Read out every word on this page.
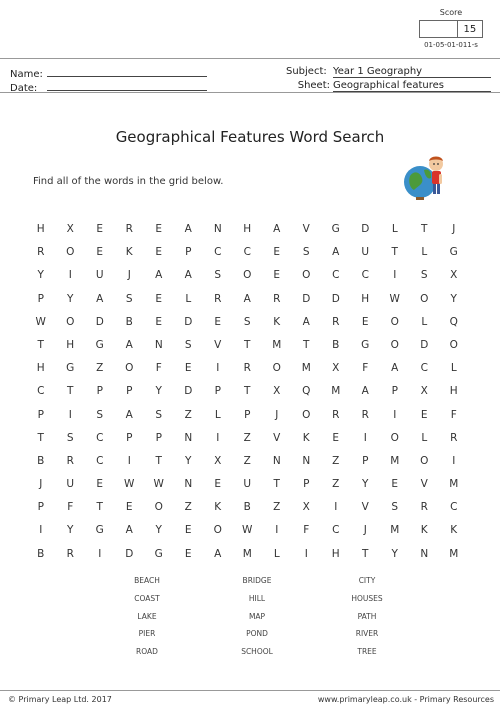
Score
15
01-05-01-011-s
Name:
Date:
Subject: Year 1 Geography
Sheet: Geographical features
Geographical Features Word Search
Find all of the words in the grid below.
H	X	E	R	E	A	N	H	A	V	G	D	L	T	J
R	O	E	K	E	P	C	C	E	S	A	U	T	L	G
Y	I	U	J	A	A	S	O	E	O	C	C	I	S	X
P	Y	A	S	E	L	R	A	R	D	D	H	W	O	Y
W	O	D	B	E	D	E	S	K	A	R	E	O	L	Q
T	H	G	A	N	S	V	T	M	T	B	G	O	D	O
H	G	Z	O	F	E	I	R	O	M	X	F	A	C	L
C	T	P	P	Y	D	P	T	X	Q	M	A	P	X	H
P	I	S	A	S	Z	L	P	J	O	R	R	I	E	F
T	S	C	P	P	N	I	Z	V	K	E	I	O	L	R
B	R	C	I	T	Y	X	Z	N	N	Z	P	M	O	I
J	U	E	W	W	N	E	U	T	P	Z	Y	E	V	M
P	F	T	E	O	Z	K	B	Z	X	I	V	S	R	C
I	Y	G	A	Y	E	O	W	I	F	C	J	M	K	K
B	R	I	D	G	E	A	M	L	I	H	T	Y	N	M
BEACH	BRIDGE	CITY
COAST	HILL	HOUSES
LAKE	MAP	PATH
PIER	POND	RIVER
ROAD	SCHOOL	TREE
© Primary Leap Ltd. 2017	www.primaryleap.co.uk - Primary Resources
